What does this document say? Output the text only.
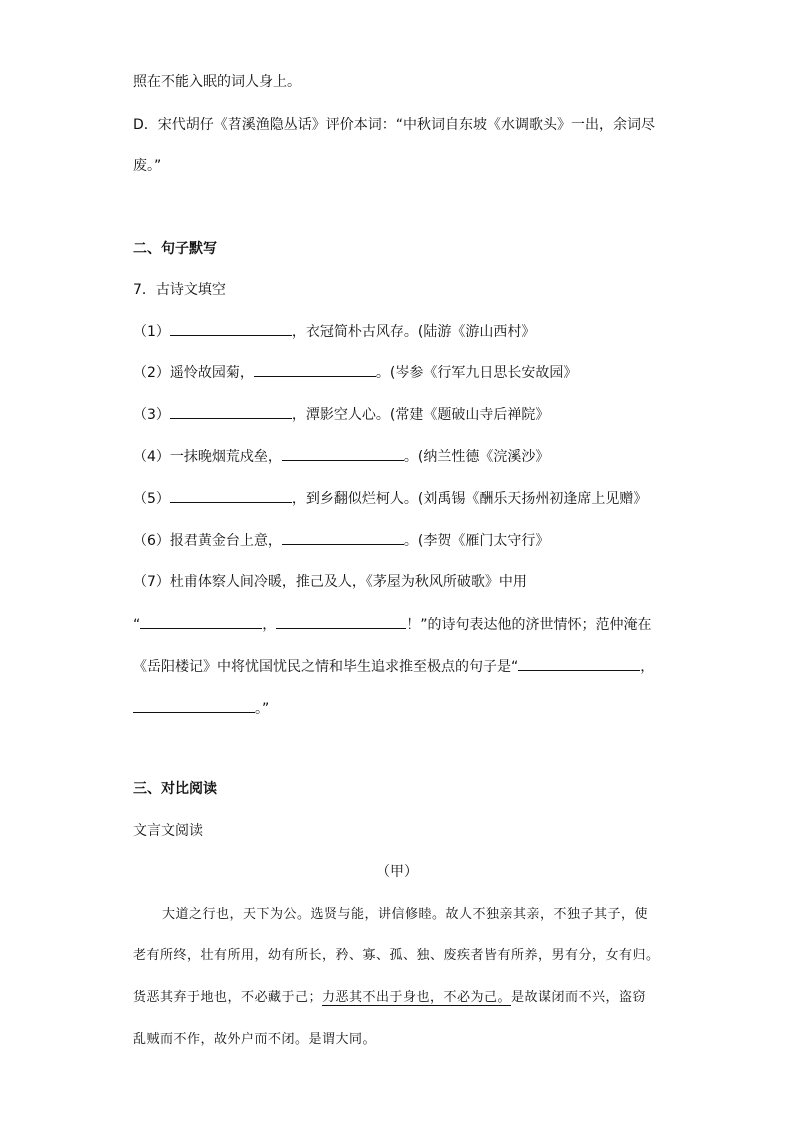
照在不能入眠的词人身上。
D．宋代胡仔《苕溪渔隐丛话》评价本词：“中秋词自东坡《水调歌头》一出，余词尽
废。”
二、句子默写
7．古诗文填空
（1）	，衣冠简朴古风存。(陆游《游山西村》
（2）遥怜故园菊，	。(岑参《行军九日思长安故园》
（3）	，潭影空人心。(常建《题破山寺后禅院》
（4）一抹晚烟荒戍垒，	。(纳兰性德《浣溪沙》
（5）	，到乡翻似烂柯人。(刘禹锡《酬乐天扬州初逢席上见赠》
（6）报君黄金台上意，	。(李贺《雁门太守行》
（7）杜甫体察人间冷暖，推己及人，《茅屋为秋风所破歌》中用
“	，	！”的诗句表达他的济世情怀；范仲淹在
《岳阳楼记》中将忧国忧民之情和毕生追求推至极点的句子是“	，
。”
三、对比阅读
文言文阅读
（甲）
大道之行也，天下为公。选贤与能，讲信修睦。故人不独亲其亲，不独子其子，使
老有所终，壮有所用，幼有所长，矜、寡、孤、独、废疾者皆有所养，男有分，女有归。
货恶其弃于地也，不必藏于己；力恶其不出于身也，不必为己。是故谋闭而不兴，盗窃
乱贼而不作，故外户而不闭。是谓大同。
